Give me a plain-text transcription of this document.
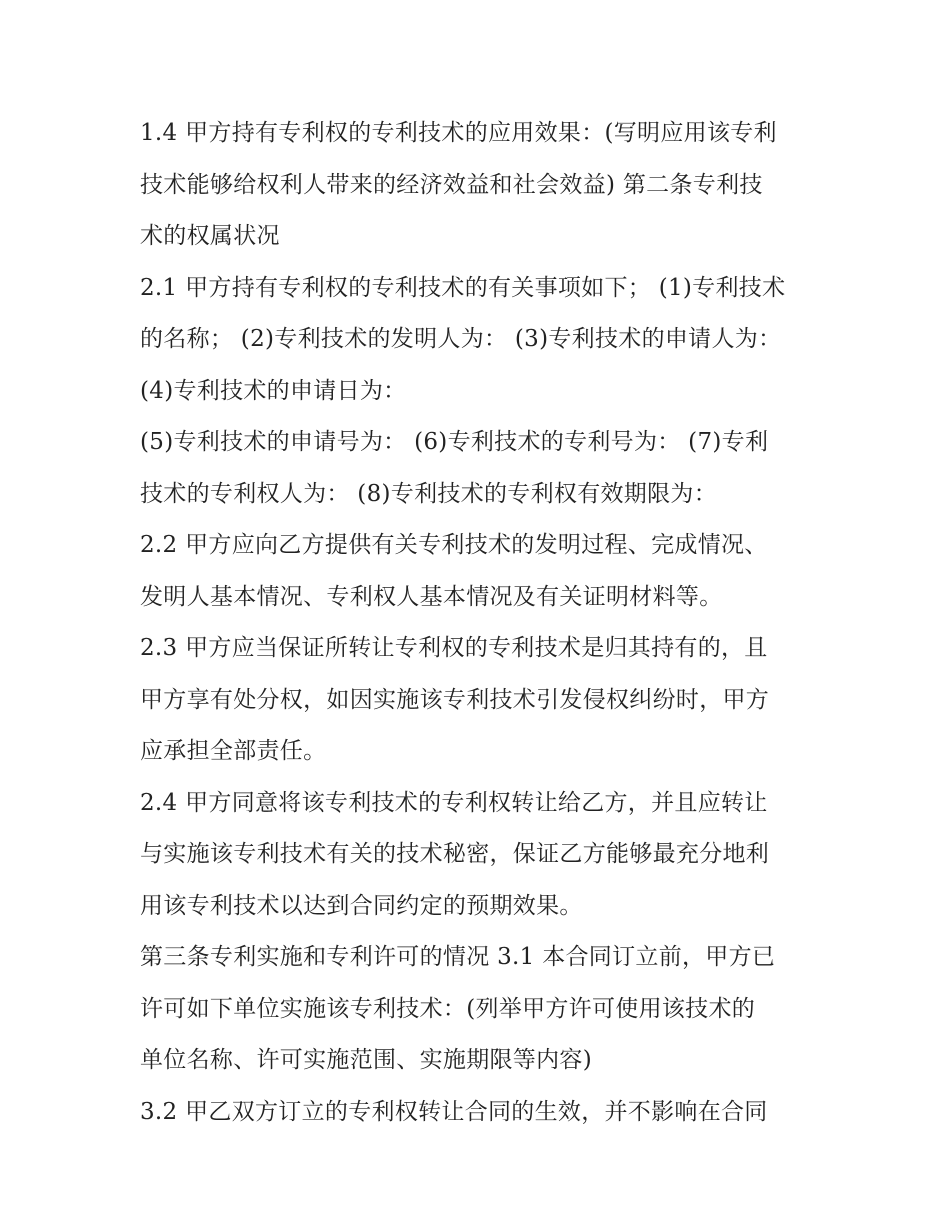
1.4 甲方持有专利权的专利技术的应用效果：(写明应用该专利
技术能够给权利人带来的经济效益和社会效益) 第二条专利技
术的权属状况
2.1 甲方持有专利权的专利技术的有关事项如下； (1)专利技术
的名称； (2)专利技术的发明人为： (3)专利技术的申请人为：
(4)专利技术的申请日为：
(5)专利技术的申请号为： (6)专利技术的专利号为： (7)专利
技术的专利权人为： (8)专利技术的专利权有效期限为：
2.2 甲方应向乙方提供有关专利技术的发明过程、完成情况、
发明人基本情况、专利权人基本情况及有关证明材料等。
2.3 甲方应当保证所转让专利权的专利技术是归其持有的，且
甲方享有处分权，如因实施该专利技术引发侵权纠纷时，甲方
应承担全部责任。
2.4 甲方同意将该专利技术的专利权转让给乙方，并且应转让
与实施该专利技术有关的技术秘密，保证乙方能够最充分地利
用该专利技术以达到合同约定的预期效果。
第三条专利实施和专利许可的情况 3.1 本合同订立前，甲方已
许可如下单位实施该专利技术：(列举甲方许可使用该技术的
单位名称、许可实施范围、实施期限等内容)
3.2 甲乙双方订立的专利权转让合同的生效，并不影响在合同
